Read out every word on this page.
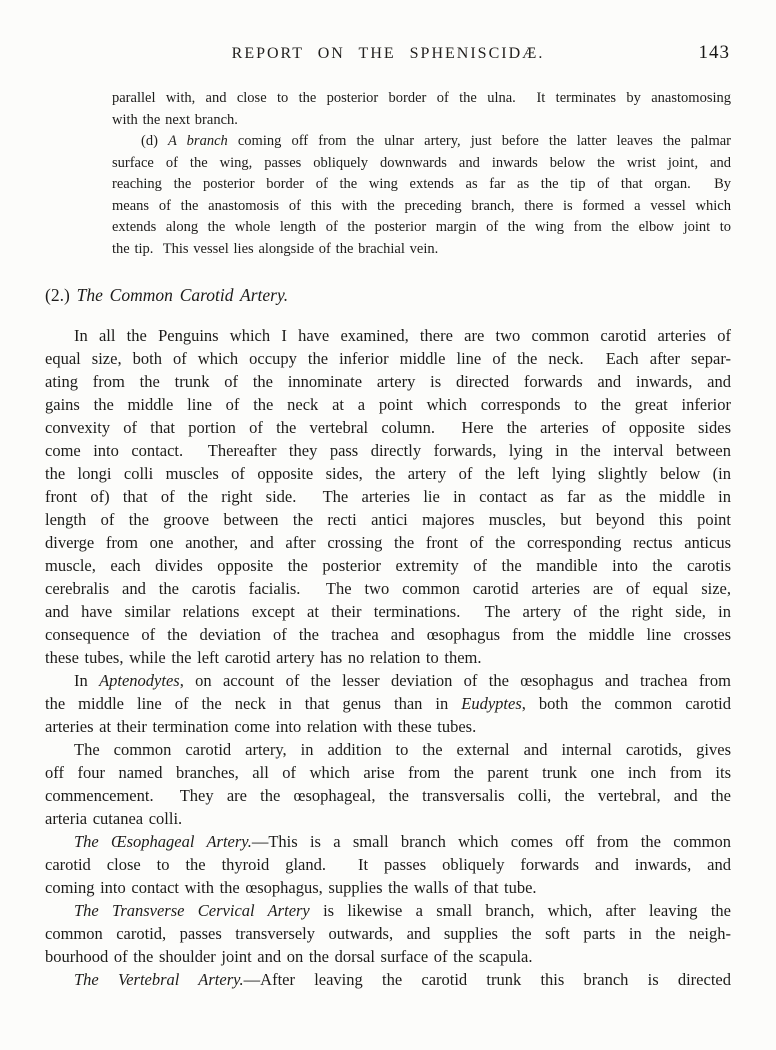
REPORT ON THE SPHENISCIDÆ.	143
parallel with, and close to the posterior border of the ulna.  It terminates by anastomosing
with the next branch.
(d) A branch coming off from the ulnar artery, just before the latter leaves the palmar
surface of the wing, passes obliquely downwards and inwards below the wrist joint, and
reaching the posterior border of the wing extends as far as the tip of that organ.  By
means of the anastomosis of this with the preceding branch, there is formed a vessel which
extends along the whole length of the posterior margin of the wing from the elbow joint to
the tip.  This vessel lies alongside of the brachial vein.
(2.) The Common Carotid Artery.
In all the Penguins which I have examined, there are two common carotid arteries of
equal size, both of which occupy the inferior middle line of the neck.  Each after separ-
ating from the trunk of the innominate artery is directed forwards and inwards, and
gains the middle line of the neck at a point which corresponds to the great inferior
convexity of that portion of the vertebral column.  Here the arteries of opposite sides
come into contact.  Thereafter they pass directly forwards, lying in the interval between
the longi colli muscles of opposite sides, the artery of the left lying slightly below (in
front of) that of the right side.  The arteries lie in contact as far as the middle in
length of the groove between the recti antici majores muscles, but beyond this point
diverge from one another, and after crossing the front of the corresponding rectus anticus
muscle, each divides opposite the posterior extremity of the mandible into the carotis
cerebralis and the carotis facialis.  The two common carotid arteries are of equal size,
and have similar relations except at their terminations.  The artery of the right side, in
consequence of the deviation of the trachea and œsophagus from the middle line crosses
these tubes, while the left carotid artery has no relation to them.
In Aptenodytes, on account of the lesser deviation of the œsophagus and trachea from
the middle line of the neck in that genus than in Eudyptes, both the common carotid
arteries at their termination come into relation with these tubes.
The common carotid artery, in addition to the external and internal carotids, gives
off four named branches, all of which arise from the parent trunk one inch from its
commencement.  They are the œsophageal, the transversalis colli, the vertebral, and the
arteria cutanea colli.
The Œsophageal Artery.—This is a small branch which comes off from the common
carotid close to the thyroid gland.  It passes obliquely forwards and inwards, and
coming into contact with the œsophagus, supplies the walls of that tube.
The Transverse Cervical Artery is likewise a small branch, which, after leaving the
common carotid, passes transversely outwards, and supplies the soft parts in the neigh-
bourhood of the shoulder joint and on the dorsal surface of the scapula.
The Vertebral Artery.—After leaving the carotid trunk this branch is directed
